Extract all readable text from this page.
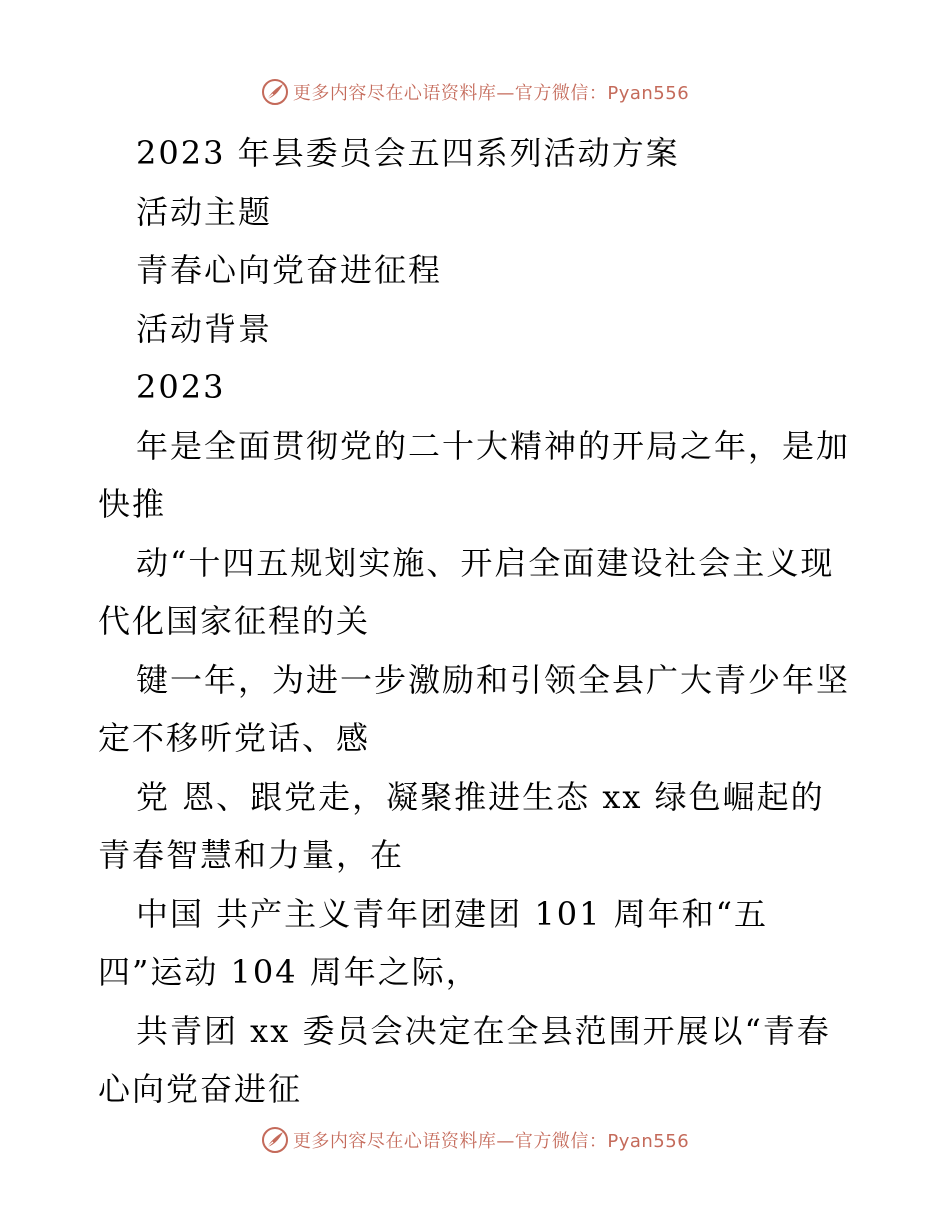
更多内容尽在心语资料库—官方微信：Pyan556
2023 年县委员会五四系列活动方案
活动主题
青春心向党奋进征程
活动背景
2023
年是全面贯彻党的二十大精神的开局之年，是加
快推
动“十四五规划实施、开启全面建设社会主义现
代化国家征程的关
键一年，为进一步激励和引领全县广大青少年坚
定不移听党话、感
党 恩、跟党走，凝聚推进生态 xx 绿色崛起的
青春智慧和力量，在
中国 共产主义青年团建团 101 周年和“五
四”运动 104 周年之际，
共青团 xx 委员会决定在全县范围开展以“青春
心向党奋进征
更多内容尽在心语资料库—官方微信：Pyan556
